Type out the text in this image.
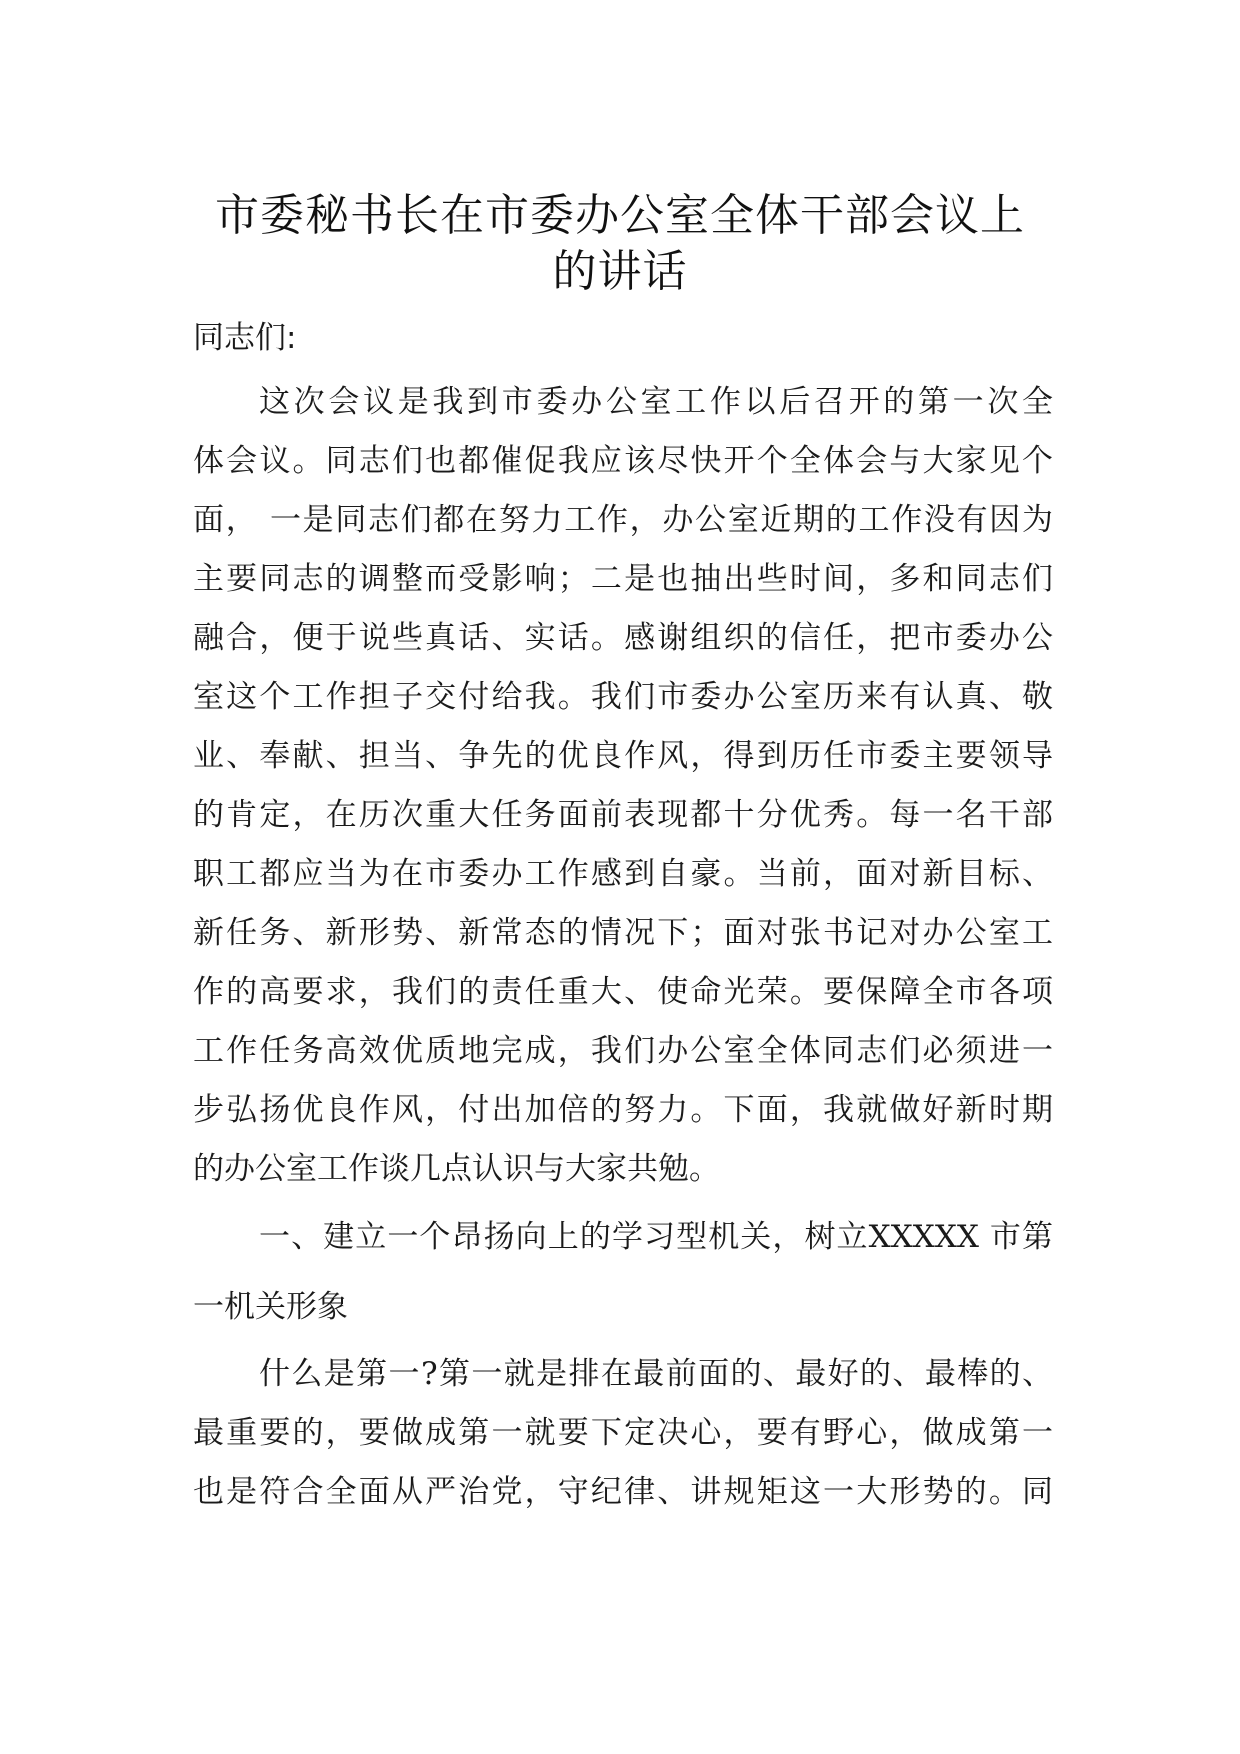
市委秘书长在市委办公室全体干部会议上
的讲话
同志们:
这次会议是我到市委办公室工作以后召开的第一次全
体会议。同志们也都催促我应该尽快开个全体会与大家见个
面， 一是同志们都在努力工作，办公室近期的工作没有因为
主要同志的调整而受影响；二是也抽出些时间，多和同志们
融合，便于说些真话、实话。感谢组织的信任，把市委办公
室这个工作担子交付给我。我们市委办公室历来有认真、敬
业、奉献、担当、争先的优良作风，得到历任市委主要领导
的肯定，在历次重大任务面前表现都十分优秀。每一名干部
职工都应当为在市委办工作感到自豪。当前，面对新目标、
新任务、新形势、新常态的情况下；面对张书记对办公室工
作的高要求，我们的责任重大、使命光荣。要保障全市各项
工作任务高效优质地完成，我们办公室全体同志们必须进一
步弘扬优良作风，付出加倍的努力。下面，我就做好新时期
的办公室工作谈几点认识与大家共勉。
一、建立一个昂扬向上的学习型机关，树立XXXXX 市第
一机关形象
什么是第一?第一就是排在最前面的、最好的、最棒的、
最重要的，要做成第一就要下定决心，要有野心，做成第一
也是符合全面从严治党，守纪律、讲规矩这一大形势的。同
